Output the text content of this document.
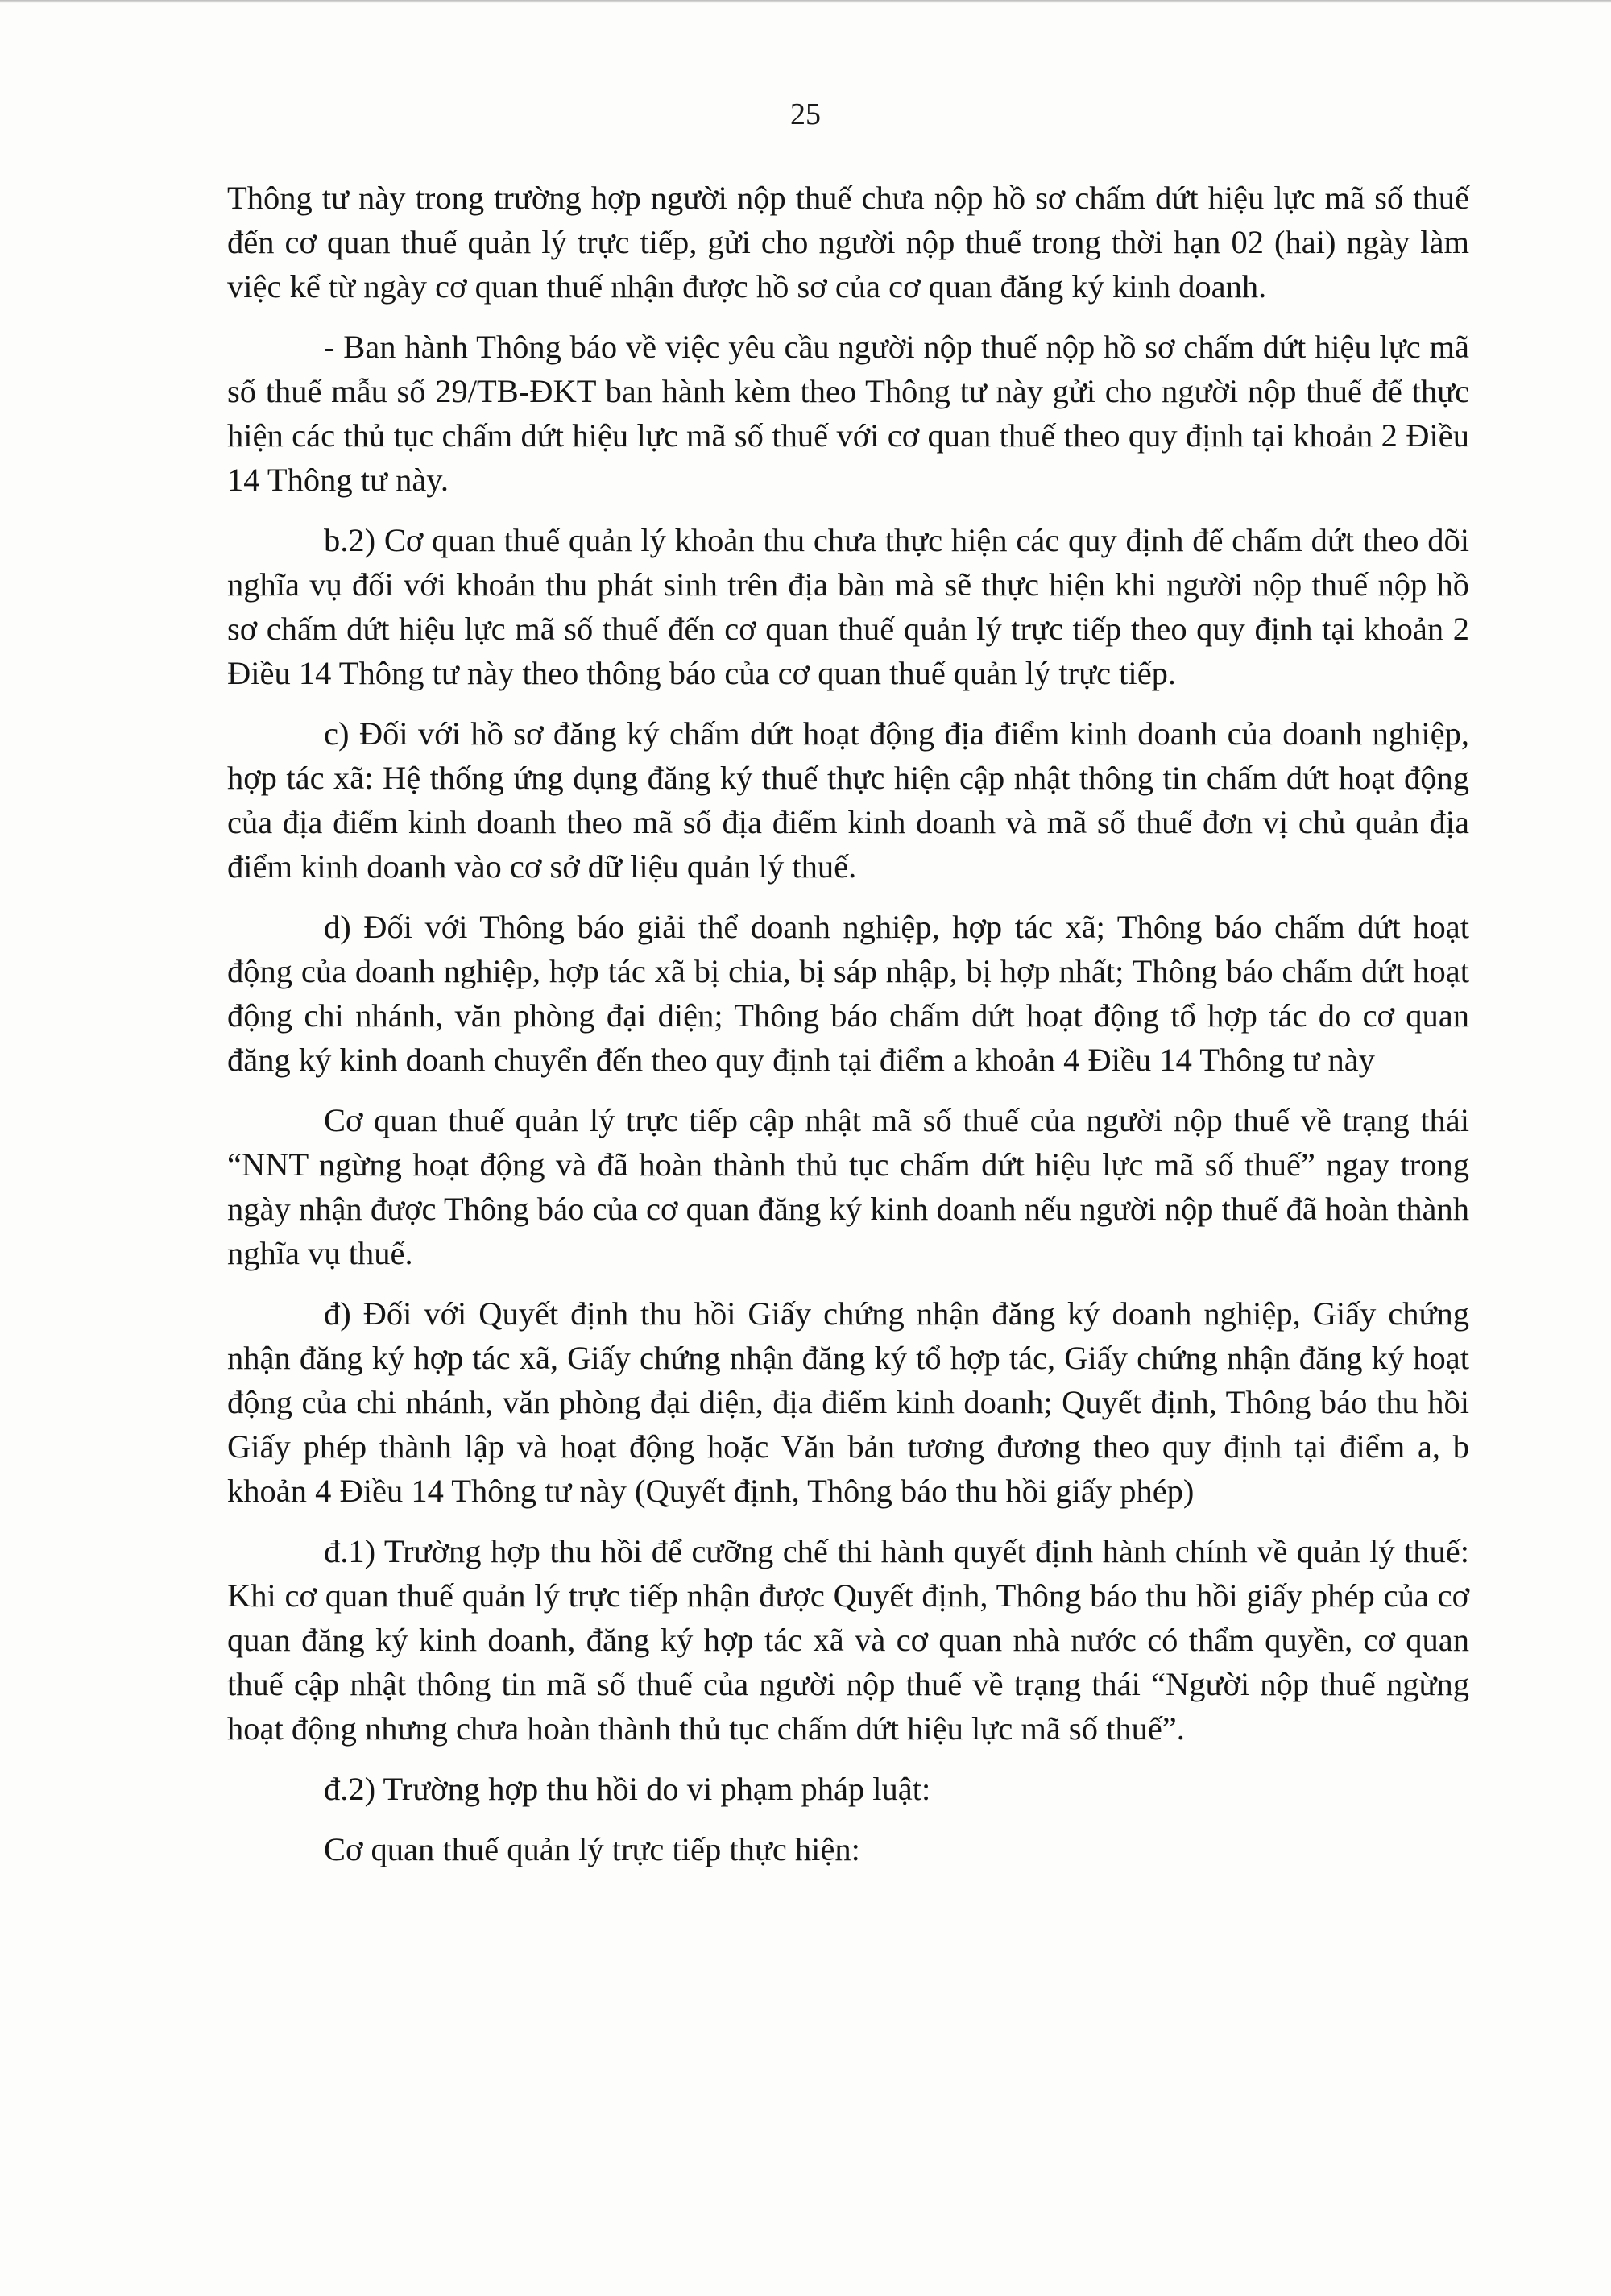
25

Thông tư này trong trường hợp người nộp thuế chưa nộp hồ sơ chấm dứt hiệu lực mã số thuế đến cơ quan thuế quản lý trực tiếp, gửi cho người nộp thuế trong thời hạn 02 (hai) ngày làm việc kể từ ngày cơ quan thuế nhận được hồ sơ của cơ quan đăng ký kinh doanh.

- Ban hành Thông báo về việc yêu cầu người nộp thuế nộp hồ sơ chấm dứt hiệu lực mã số thuế mẫu số 29/TB-ĐKT ban hành kèm theo Thông tư này gửi cho người nộp thuế để thực hiện các thủ tục chấm dứt hiệu lực mã số thuế với cơ quan thuế theo quy định tại khoản 2 Điều 14 Thông tư này.

b.2) Cơ quan thuế quản lý khoản thu chưa thực hiện các quy định để chấm dứt theo dõi nghĩa vụ đối với khoản thu phát sinh trên địa bàn mà sẽ thực hiện khi người nộp thuế nộp hồ sơ chấm dứt hiệu lực mã số thuế đến cơ quan thuế quản lý trực tiếp theo quy định tại khoản 2 Điều 14 Thông tư này theo thông báo của cơ quan thuế quản lý trực tiếp.

c) Đối với hồ sơ đăng ký chấm dứt hoạt động địa điểm kinh doanh của doanh nghiệp, hợp tác xã: Hệ thống ứng dụng đăng ký thuế thực hiện cập nhật thông tin chấm dứt hoạt động của địa điểm kinh doanh theo mã số địa điểm kinh doanh và mã số thuế đơn vị chủ quản địa điểm kinh doanh vào cơ sở dữ liệu quản lý thuế.

d) Đối với Thông báo giải thể doanh nghiệp, hợp tác xã; Thông báo chấm dứt hoạt động của doanh nghiệp, hợp tác xã bị chia, bị sáp nhập, bị hợp nhất; Thông báo chấm dứt hoạt động chi nhánh, văn phòng đại diện; Thông báo chấm dứt hoạt động tổ hợp tác do cơ quan đăng ký kinh doanh chuyển đến theo quy định tại điểm a khoản 4 Điều 14 Thông tư này

Cơ quan thuế quản lý trực tiếp cập nhật mã số thuế của người nộp thuế về trạng thái “NNT ngừng hoạt động và đã hoàn thành thủ tục chấm dứt hiệu lực mã số thuế” ngay trong ngày nhận được Thông báo của cơ quan đăng ký kinh doanh nếu người nộp thuế đã hoàn thành nghĩa vụ thuế.

đ) Đối với Quyết định thu hồi Giấy chứng nhận đăng ký doanh nghiệp, Giấy chứng nhận đăng ký hợp tác xã, Giấy chứng nhận đăng ký tổ hợp tác, Giấy chứng nhận đăng ký hoạt động của chi nhánh, văn phòng đại diện, địa điểm kinh doanh; Quyết định, Thông báo thu hồi Giấy phép thành lập và hoạt động hoặc Văn bản tương đương theo quy định tại điểm a, b khoản 4 Điều 14 Thông tư này (Quyết định, Thông báo thu hồi giấy phép)

đ.1) Trường hợp thu hồi để cưỡng chế thi hành quyết định hành chính về quản lý thuế: Khi cơ quan thuế quản lý trực tiếp nhận được Quyết định, Thông báo thu hồi giấy phép của cơ quan đăng ký kinh doanh, đăng ký hợp tác xã và cơ quan nhà nước có thẩm quyền, cơ quan thuế cập nhật thông tin mã số thuế của người nộp thuế về trạng thái “Người nộp thuế ngừng hoạt động nhưng chưa hoàn thành thủ tục chấm dứt hiệu lực mã số thuế”.

đ.2) Trường hợp thu hồi do vi phạm pháp luật:

Cơ quan thuế quản lý trực tiếp thực hiện:
